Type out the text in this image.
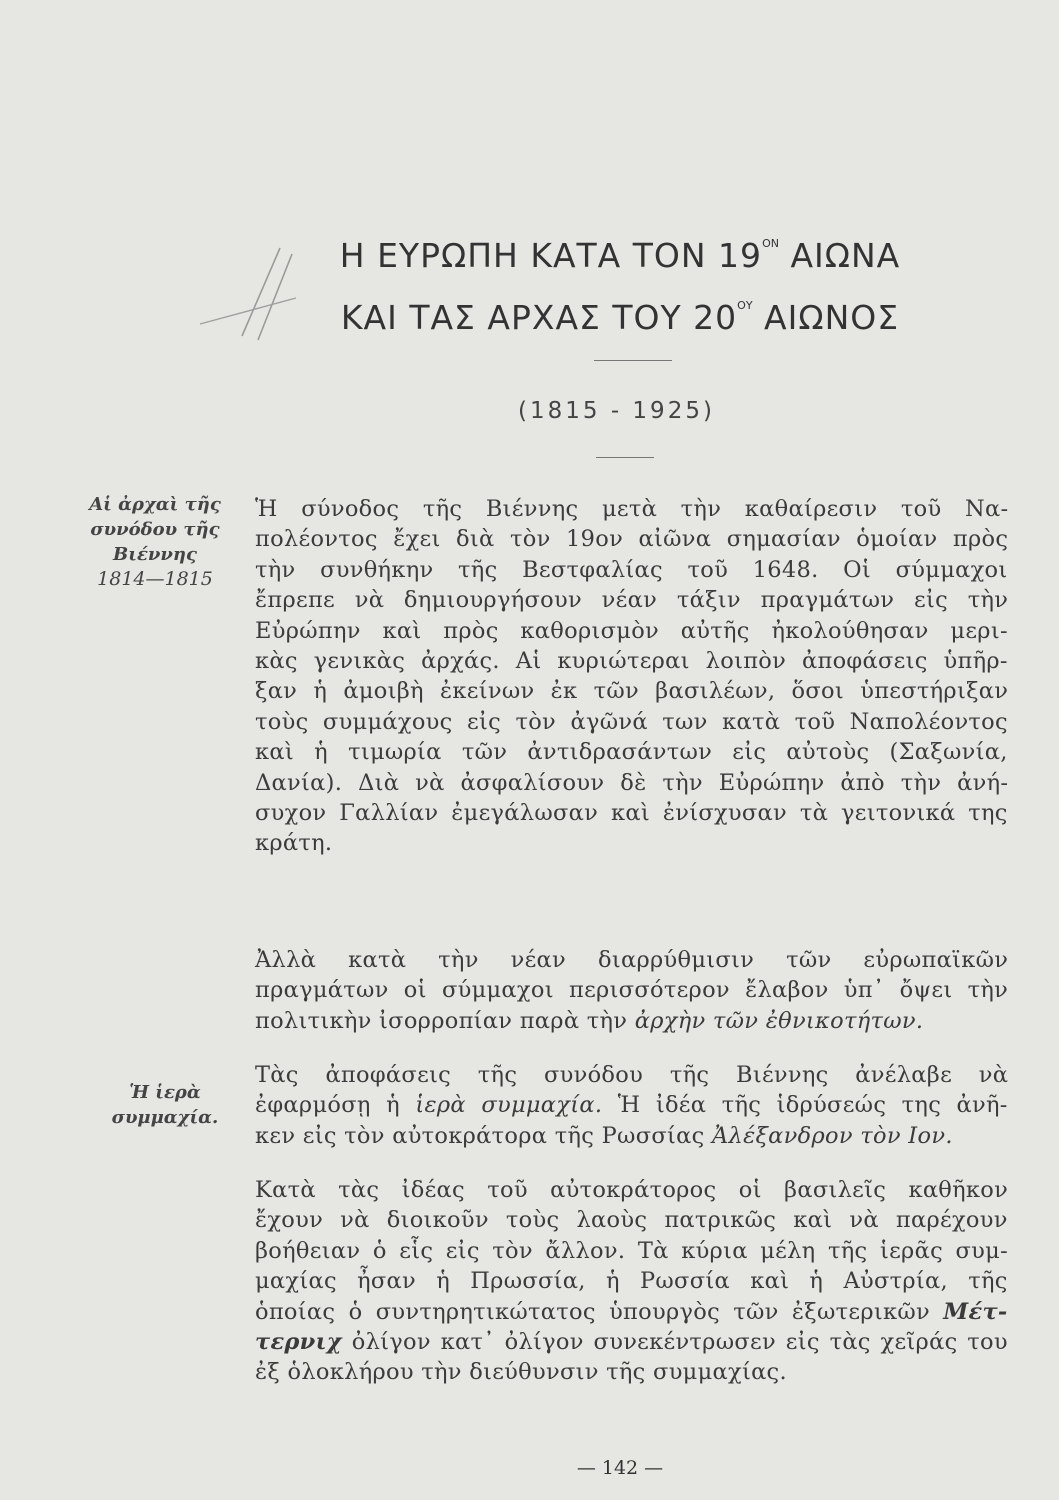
Η ΕΥΡΩΠΗ ΚΑΤΑ ΤΟΝ $19^{ON}$ ΑΙΩΝΑ
ΚΑΙ ΤΑΣ ΑΡΧΑΣ ΤΟΥ $20^{O\Upsilon}$ ΑΙΩΝΟΣ
(1815 - 1925)
Αἱ ἀρχαὶ τῆς
συνόδου τῆς
Βιέννης
1814—1815
Ἡ ἱερὰ
συμμαχία.
Ἡ σύνοδος τῆς Βιέννης μετὰ τὴν καθαίρεσιν τοῦ Να-
πολέοντος ἔχει διὰ τὸν 19ον αἰῶνα σημασίαν ὁμοίαν πρὸς
τὴν συνθήκην τῆς Βεστφαλίας τοῦ 1648. Οἱ σύμμαχοι
ἔπρεπε νὰ δημιουργήσουν νέαν τάξιν πραγμάτων εἰς τὴν
Εὐρώπην καὶ πρὸς καθορισμὸν αὐτῆς ἠκολούθησαν μερι-
κὰς γενικὰς ἀρχάς. Αἱ κυριώτεραι λοιπὸν ἀποφάσεις ὑπῆρ-
ξαν ἡ ἀμοιβὴ ἐκείνων ἐκ τῶν βασιλέων, ὅσοι ὑπεστήριξαν
τοὺς συμμάχους εἰς τὸν ἀγῶνά των κατὰ τοῦ Ναπολέοντος
καὶ ἡ τιμωρία τῶν ἀντιδρασάντων εἰς αὐτοὺς (Σαξωνία,
Δανία). Διὰ νὰ ἀσφαλίσουν δὲ τὴν Εὐρώπην ἀπὸ τὴν ἀνή-
συχον Γαλλίαν ἐμεγάλωσαν καὶ ἐνίσχυσαν τὰ γειτονικά της
κράτη.
Ἀλλὰ κατὰ τὴν νέαν διαρρύθμισιν τῶν εὐρωπαϊκῶν
πραγμάτων οἱ σύμμαχοι περισσότερον ἔλαβον ὑπ᾽ ὄψει τὴν
πολιτικὴν ἰσορροπίαν παρὰ τὴν ἀρχὴν τῶν ἐθνικοτήτων.
Τὰς ἀποφάσεις τῆς συνόδου τῆς Βιέννης ἀνέλαβε νὰ
ἐφαρμόσῃ ἡ ἱερὰ συμμαχία. Ἡ ἰδέα τῆς ἱδρύσεώς της ἀνῆ-
κεν εἰς τὸν αὐτοκράτορα τῆς Ρωσσίας Ἀλέξανδρον τὸν Ιον.
Κατὰ τὰς ἰδέας τοῦ αὐτοκράτορος οἱ βασιλεῖς καθῆκον
ἔχουν νὰ διοικοῦν τοὺς λαοὺς πατρικῶς καὶ νὰ παρέχουν
βοήθειαν ὁ εἷς εἰς τὸν ἄλλον. Τὰ κύρια μέλη τῆς ἱερᾶς συμ-
μαχίας ἦσαν ἡ Πρωσσία, ἡ Ρωσσία καὶ ἡ Αὐστρία, τῆς
ὁποίας ὁ συντηρητικώτατος ὑπουργὸς τῶν ἐξωτερικῶν Μέτ-
τερνιχ ὀλίγον κατ᾽ ὀλίγον συνεκέντρωσεν εἰς τὰς χεῖράς του
ἐξ ὁλοκλήρου τὴν διεύθυνσιν τῆς συμμαχίας.
— 142 —
